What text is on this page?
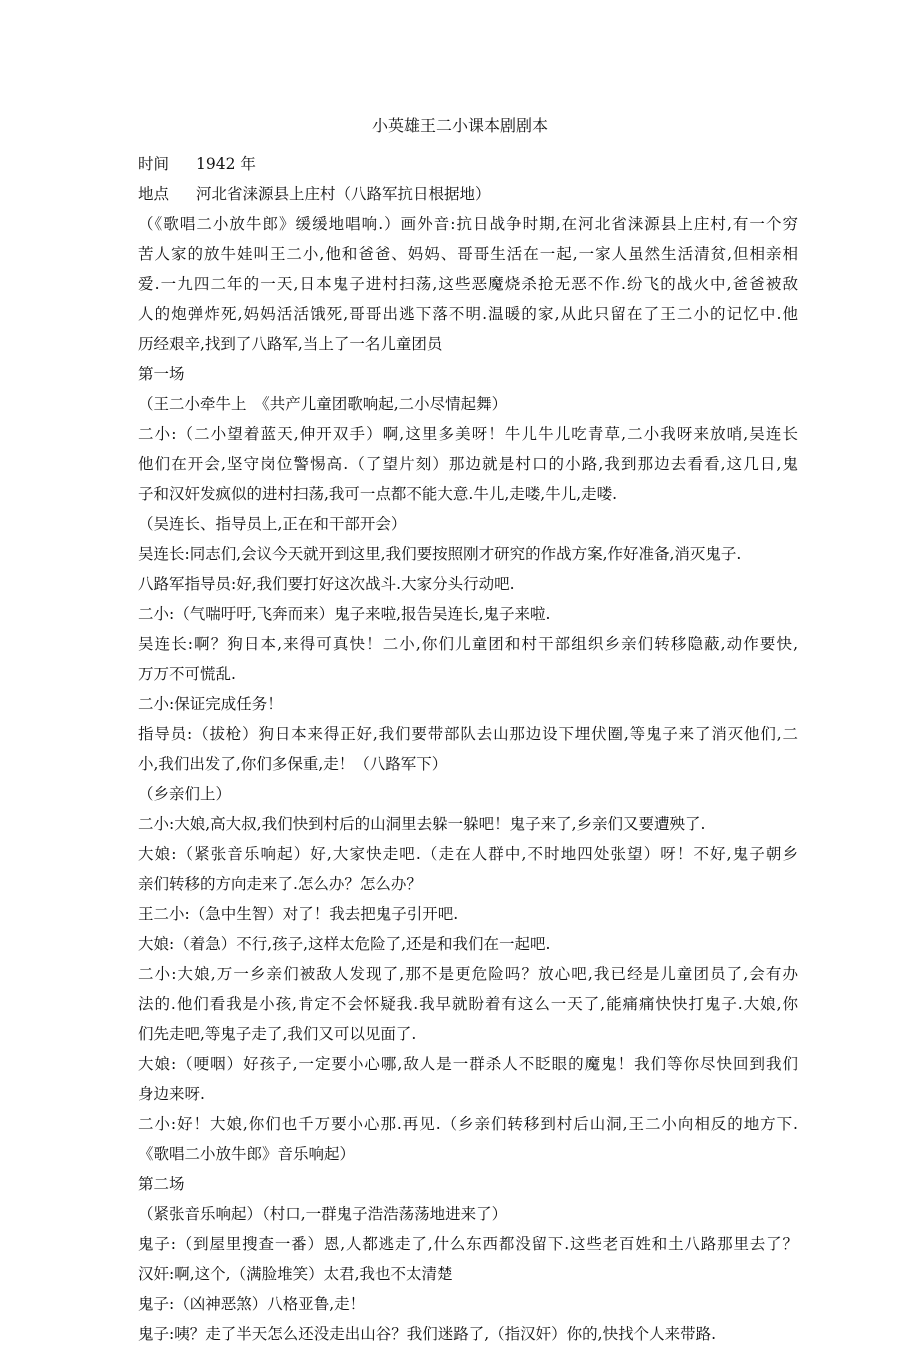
小英雄王二小课本剧剧本
时间	1942 年
地点	河北省涞源县上庄村（八路军抗日根据地）
（《歌唱二小放牛郎》缓缓地唱响.）画外音:抗日战争时期,在河北省涞源县上庄村,有一个穷
苦人家的放牛娃叫王二小,他和爸爸、妈妈、哥哥生活在一起,一家人虽然生活清贫,但相亲相
爱.一九四二年的一天,日本鬼子进村扫荡,这些恶魔烧杀抢无恶不作.纷飞的战火中,爸爸被敌
人的炮弹炸死,妈妈活活饿死,哥哥出逃下落不明.温暖的家,从此只留在了王二小的记忆中.他
历经艰辛,找到了八路军,当上了一名儿童团员
第一场
（王二小牵牛上　《共产儿童团歌响起,二小尽情起舞）
二小:（二小望着蓝天,伸开双手）啊,这里多美呀！牛儿牛儿吃青草,二小我呀来放哨,吴连长
他们在开会,坚守岗位警惕高.（了望片刻）那边就是村口的小路,我到那边去看看,这几日,鬼
子和汉奸发疯似的进村扫荡,我可一点都不能大意.牛儿,走喽,牛儿,走喽.
（吴连长、指导员上,正在和干部开会）
吴连长:同志们,会议今天就开到这里,我们要按照刚才研究的作战方案,作好准备,消灭鬼子.
八路军指导员:好,我们要打好这次战斗.大家分头行动吧.
二小:（气喘吁吁,飞奔而来）鬼子来啦,报告吴连长,鬼子来啦.
吴连长:啊？狗日本,来得可真快！二小,你们儿童团和村干部组织乡亲们转移隐蔽,动作要快,
万万不可慌乱.
二小:保证完成任务！
指导员:（拔枪）狗日本来得正好,我们要带部队去山那边设下埋伏圈,等鬼子来了消灭他们,二
小,我们出发了,你们多保重,走！（八路军下）
（乡亲们上）
二小:大娘,高大叔,我们快到村后的山洞里去躲一躲吧！鬼子来了,乡亲们又要遭殃了.
大娘:（紧张音乐响起）好,大家快走吧.（走在人群中,不时地四处张望）呀！不好,鬼子朝乡
亲们转移的方向走来了.怎么办？怎么办？
王二小:（急中生智）对了！我去把鬼子引开吧.
大娘:（着急）不行,孩子,这样太危险了,还是和我们在一起吧.
二小:大娘,万一乡亲们被敌人发现了,那不是更危险吗？放心吧,我已经是儿童团员了,会有办
法的.他们看我是小孩,肯定不会怀疑我.我早就盼着有这么一天了,能痛痛快快打鬼子.大娘,你
们先走吧,等鬼子走了,我们又可以见面了.
大娘:（哽咽）好孩子,一定要小心哪,敌人是一群杀人不眨眼的魔鬼！我们等你尽快回到我们
身边来呀.
二小:好！大娘,你们也千万要小心那.再见.（乡亲们转移到村后山洞,王二小向相反的地方下.
《歌唱二小放牛郎》音乐响起）
第二场
（紧张音乐响起）（村口,一群鬼子浩浩荡荡地进来了）
鬼子:（到屋里搜查一番）恩,人都逃走了,什么东西都没留下.这些老百姓和土八路那里去了？
汉奸:啊,这个,（满脸堆笑）太君,我也不太清楚
鬼子:（凶神恶煞）八格亚鲁,走！
鬼子:咦？走了半天怎么还没走出山谷？我们迷路了,（指汉奸）你的,快找个人来带路.
